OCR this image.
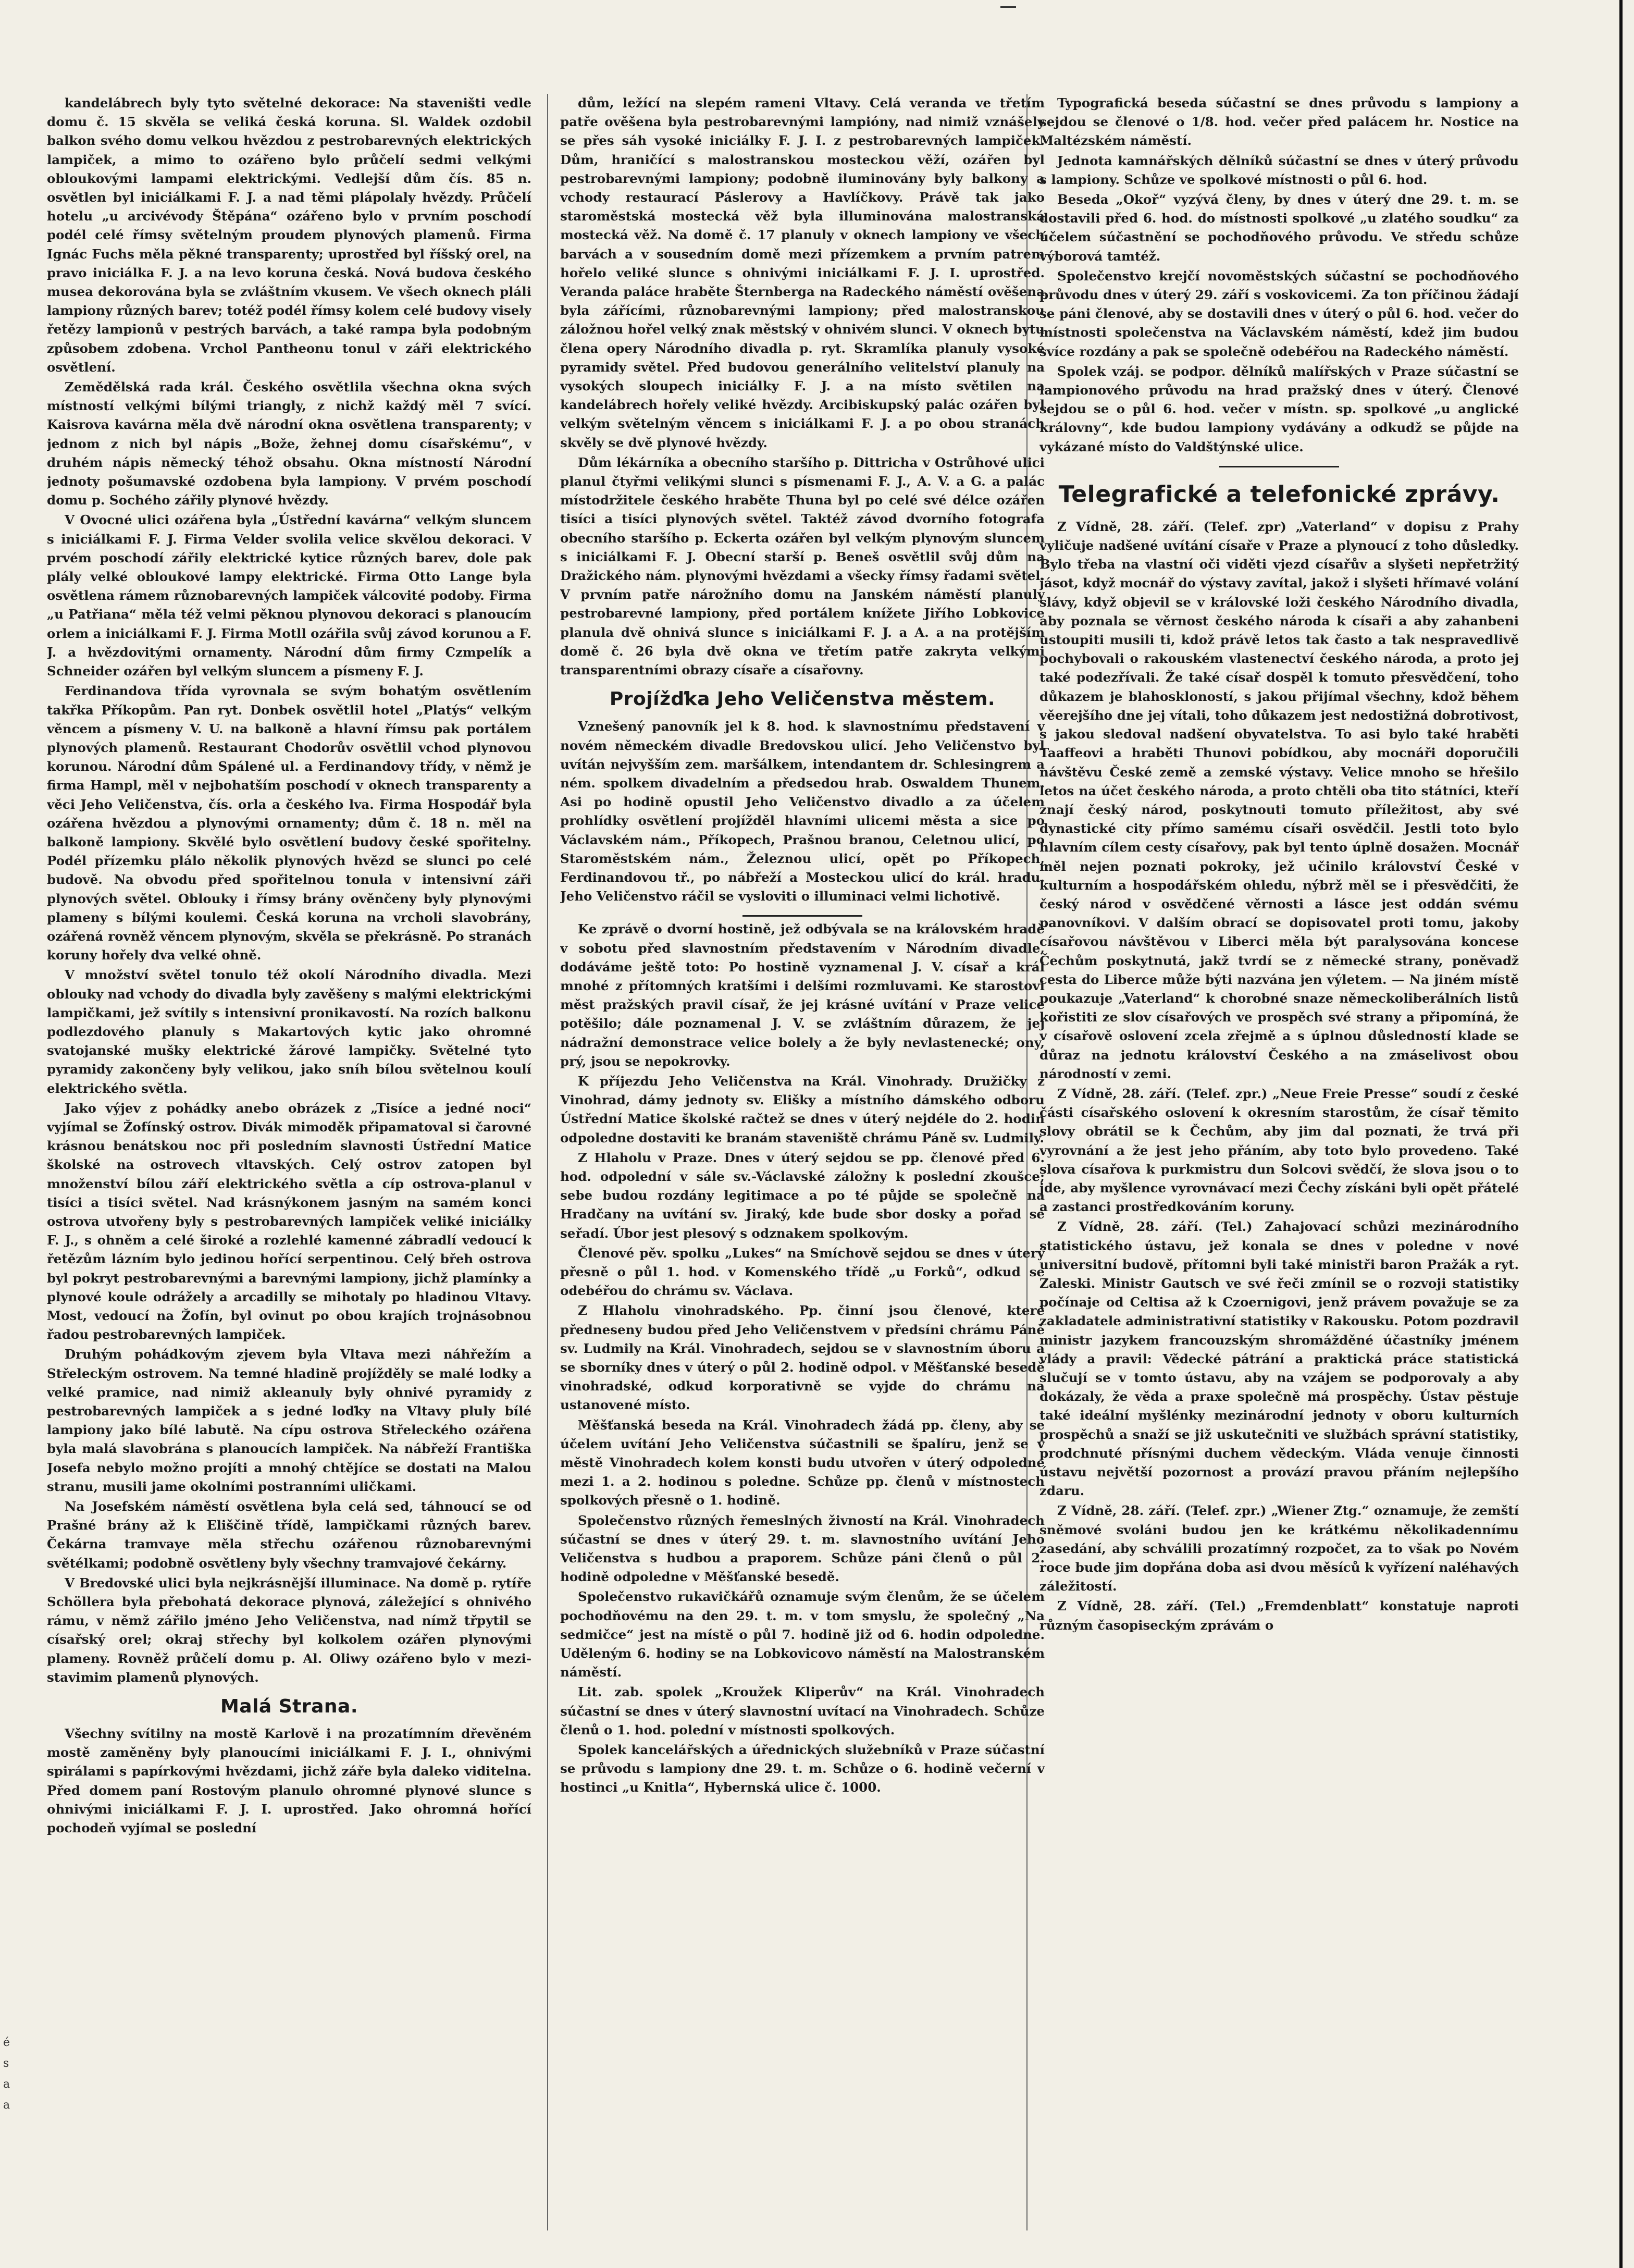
é
s
a
a

kandelábrech byly tyto světelné dekorace: Na staveništi vedle domu č. 15 skvěla se veliká česká koruna. Sl. Waldek ozdobil balkon svého domu velkou hvězdou z pestrobarevných elektrických lampiček, a mimo to ozářeno bylo průčelí sedmi velkými obloukovými lampami elektrickými. Vedlejší dům čís. 85 n. osvětlen byl iniciálkami F. J. a nad těmi plápolaly hvězdy. Průčelí hotelu „u arcivévody Štěpána“ ozářeno bylo v prvním poschodí podél celé římsy světelným proudem plynových plamenů. Firma Ignác Fuchs měla pěkné transparenty; uprostřed byl říšský orel, na pravo iniciálka F. J. a na levo koruna česká. Nová budova českého musea dekorována byla se zvláštním vkusem. Ve všech oknech pláli lampiony různých barev; totéž podél římsy kolem celé budovy visely řetězy lampionů v pestrých barvách, a také rampa byla podobným způsobem zdobena. Vrchol Pantheonu tonul v záři elektrického osvětlení.

Zemědělská rada král. Českého osvětlila všechna okna svých místností velkými bílými triangly, z nichž každý měl 7 svící. Kaisrova kavárna měla dvě národní okna osvětlena transparenty; v jednom z nich byl nápis „Bože, žehnej domu císařskému“, v druhém nápis německý téhož obsahu. Okna místností Národní jednoty pošumavské ozdobena byla lampiony. V prvém poschodí domu p. Sochého zářily plynové hvězdy.

V Ovocné ulici ozářena byla „Ústřední kavárna“ velkým sluncem s iniciálkami F. J. Firma Velder svolila velice skvělou dekoraci. V prvém poschodí zářily elektrické kytice různých barev, dole pak plály velké obloukové lampy elektrické. Firma Otto Lange byla osvětlena rámem různobarevných lampiček válcovité podoby. Firma „u Patřiana“ měla též velmi pěknou plynovou dekoraci s planoucím orlem a iniciálkami F. J. Firma Motll ozářila svůj závod korunou a F. J. a hvězdovitými ornamenty. Národní dům firmy Czmpelík a Schneider ozářen byl velkým sluncem a písmeny F. J.

Ferdinandova třída vyrovnala se svým bohatým osvětlením takřka Příkopům. Pan ryt. Donbek osvětlil hotel „Platýs“ velkým věncem a písmeny V. U. na balkoně a hlavní římsu pak portálem plynových plamenů. Restaurant Chodorův osvětlil vchod plynovou korunou. Národní dům Spálené ul. a Ferdinandovy třídy, v němž je firma Hampl, měl v nejbohatším poschodí v oknech transparenty a věci Jeho Veličenstva, čís. orla a českého lva. Firma Hospodář byla ozářena hvězdou a plynovými ornamenty; dům č. 18 n. měl na balkoně lampiony. Skvělé bylo osvětlení budovy české spořitelny. Podél přízemku plálo několik plynových hvězd se slunci po celé budově. Na obvodu před spořitelnou tonula v intensivní záři plynových světel. Oblouky i římsy brány ověnčeny byly plynovými plameny s bílými koulemi. Česká koruna na vrcholi slavobrány, ozářená rovněž věncem plynovým, skvěla se překrásně. Po stranách koruny hořely dva velké ohně.

V množství světel tonulo též okolí Národního divadla. Mezi oblouky nad vchody do divadla byly zavěšeny s malými elektrickými lampičkami, jež svítily s intensivní pronikavostí. Na rozích balkonu podlezdového planuly s Makartových kytic jako ohromné svatojanské mušky elektrické žárové lampičky. Světelné tyto pyramidy zakončeny byly velikou, jako sníh bílou světelnou koulí elektrického světla.

Jako výjev z pohádky anebo obrázek z „Tisíce a jedné noci“ vyjímal se Žofínský ostrov. Divák mimoděk připamatoval si čarovné krásnou benátskou noc při posledním slavnosti Ústřední Matice školské na ostrovech vltavských. Celý ostrov zatopen byl množenství bílou září elektrického světla a cíp ostrova-planul v tisíci a tisíci světel. Nad krásnýkonem jasným na samém konci ostrova utvořeny byly s pestrobarevných lampiček veliké iniciálky F. J., s ohněm a celé široké a rozlehlé kamenné zábradlí vedoucí k řetězům lázním bylo jedinou hořící serpentinou. Celý břeh ostrova byl pokryt pestrobarevnými a barevnými lampiony, jichž plamínky a plynové koule odrážely a arcadilly se mihotaly po hladinou Vltavy. Most, vedoucí na Žofín, byl ovinut po obou krajích trojnásobnou řadou pestrobarevných lampiček.

Druhým pohádkovým zjevem byla Vltava mezi náhřežím a Střeleckým ostrovem. Na temné hladině projížděly se malé lodky a velké pramice, nad nimiž akleanuly byly ohnivé pyramidy z pestrobarevných lampiček a s jedné loďky na Vltavy pluly bílé lampiony jako bílé labutě. Na cípu ostrova Střeleckého ozářena byla malá slavobrána s planoucích lampiček. Na nábřeží Františka Josefa nebylo možno projíti a mnohý chtějíce se dostati na Malou stranu, musili jame okolními postranními uličkami.

Na Josefském náměstí osvětlena byla celá sed, táhnoucí se od Prašné brány až k Eliščině třídě, lampičkami různých barev. Čekárna tramvaye měla střechu ozářenou různobarevnými světélkami; podobně osvětleny byly všechny tramvajové čekárny.

V Bredovské ulici byla nejkrásnější illuminace. Na domě p. rytíře Schöllera byla přebohatá dekorace plynová, záležející s ohnivého rámu, v němž zářilo jméno Jeho Veličenstva, nad nímž třpytil se císařský orel; okraj střechy byl kolkolem ozářen plynovými plameny. Rovněž průčelí domu p. Al. Oliwy ozářeno bylo v mezi-stavimim plamenů plynových.

Malá Strana.

Všechny svítilny na mostě Karlově i na prozatímním dřevěném mostě zaměněny byly planoucími iniciálkami F. J. I., ohnivými spirálami s papírkovými hvězdami, jichž záře byla daleko viditelna. Před domem paní Rostovým planulo ohromné plynové slunce s ohnivými iniciálkami F. J. I. uprostřed. Jako ohromná hořící pochodeň vyjímal se poslední

dům, ležící na slepém rameni Vltavy. Celá veranda ve třetím patře ověšena byla pestrobarevnými lampióny, nad nimiž vznášely se přes sáh vysoké iniciálky F. J. I. z pestrobarevných lampiček. Dům, hraničící s malostranskou mosteckou věží, ozářen byl pestrobarevnými lampiony; podobně iluminovány byly balkony a vchody restaurací Páslerovy a Havlíčkovy. Právě tak jako staroměstská mostecká věž byla illuminována malostranská mostecká věž. Na domě č. 17 planuly v oknech lampiony ve všech barvách a v sousedním domě mezi přízemkem a prvním patrem hořelo veliké slunce s ohnivými iniciálkami F. J. I. uprostřed. Veranda paláce hraběte Šternberga na Radeckého náměstí ověšena byla zářícími, různobarevnými lampiony; před malostranskou záložnou hořel velký znak městský v ohnivém slunci. V oknech bytu člena opery Národního divadla p. ryt. Skramlíka planuly vysoké pyramidy světel. Před budovou generálního velitelství planuly na vysokých sloupech iniciálky F. J. a na místo světilen na kandelábrech hořely veliké hvězdy. Arcibiskupský palác ozářen byl velkým světelným věncem s iniciálkami F. J. a po obou stranách skvěly se dvě plynové hvězdy.

Dům lékárníka a obecního staršího p. Dittricha v Ostrůhové ulici planul čtyřmi velikými slunci s písmenami F. J., A. V. a G. a palác místodržitele českého hraběte Thuna byl po celé své délce ozářen tisíci a tisíci plynových světel. Taktéž závod dvorního fotografa obecního staršího p. Eckerta ozářen byl velkým plynovým sluncem s iniciálkami F. J. Obecní starší p. Beneš osvětlil svůj dům na Dražického nám. plynovými hvězdami a všecky římsy řadami světel. V prvním patře nárožního domu na Janském náměstí planuly pestrobarevné lampiony, před portálem knížete Jiřího Lobkovice planula dvě ohnivá slunce s iniciálkami F. J. a A. a na protějším domě č. 26 byla dvě okna ve třetím patře zakryta velkými transparentními obrazy císaře a císařovny.

Projížďka Jeho Veličenstva městem.

Vznešený panovník jel k 8. hod. k slavnostnímu představení v novém německém divadle Bredovskou ulicí. Jeho Veličenstvo byl uvítán nejvyšším zem. maršálkem, intendantem dr. Schlesingrem a ném. spolkem divadelním a předsedou hrab. Oswaldem Thunem. Asi po hodině opustil Jeho Veličenstvo divadlo a za účelem prohlídky osvětlení projížděl hlavními ulicemi města a sice po Václavském nám., Příkopech, Prašnou branou, Celetnou ulicí, po Staroměstském nám., Železnou ulicí, opět po Příkopech, Ferdinandovou tř., po nábřeží a Mosteckou ulicí do král. hradu. Jeho Veličenstvo ráčil se vysloviti o illuminaci velmi lichotivě.

Ke zprávě o dvorní hostině, jež odbývala se na královském hradě v sobotu před slavnostním představením v Národním divadle, dodáváme ještě toto: Po hostině vyznamenal J. V. císař a král mnohé z přítomných kratšími i delšími rozmluvami. Ke starostovi měst pražských pravil císař, že jej krásné uvítání v Praze velice potěšilo; dále poznamenal J. V. se zvláštním důrazem, že jej nádražní demonstrace velice bolely a že byly nevlastenecké; ony, prý, jsou se nepokrovky.

K příjezdu Jeho Veličenstva na Král. Vinohrady. Družičky z Vinohrad, dámy jednoty sv. Elišky a místního dámského odboru Ústřední Matice školské račtež se dnes v úterý nejdéle do 2. hodin odpoledne dostaviti ke branám staveniště chrámu Páně sv. Ludmily.

Z Hlaholu v Praze. Dnes v úterý sejdou se pp. členové před 6. hod. odpolední v sále sv.-Václavské záložny k poslední zkoušce; sebe budou rozdány legitimace a po té půjde se společně na Hradčany na uvítání sv. Jiraký, kde bude sbor dosky a pořad se seřadí. Úbor jest plesový s odznakem spolkovým.

Členové pěv. spolku „Lukes“ na Smíchově sejdou se dnes v úterý přesně o půl 1. hod. v Komenského třídě „u Forků“, odkud se odebéřou do chrámu sv. Václava.

Z Hlaholu vinohradského. Pp. činní jsou členové, které předneseny budou před Jeho Veličenstvem v předsíni chrámu Páně sv. Ludmily na Král. Vinohradech, sejdou se v slavnostním úboru a se sborníky dnes v úterý o půl 2. hodině odpol. v Měšťanské besedě vinohradské, odkud korporativně se vyjde do chrámu na ustanovené místo.

Měšťanská beseda na Král. Vinohradech žádá pp. členy, aby se účelem uvítání Jeho Veličenstva súčastnili se špalíru, jenž se v městě Vinohradech kolem konsti budu utvořen v úterý odpoledne mezi 1. a 2. hodinou s poledne. Schůze pp. členů v místnostech spolkových přesně o 1. hodině.

Společenstvo různých řemeslných živností na Král. Vinohradech súčastní se dnes v úterý 29. t. m. slavnostního uvítání Jeho Veličenstva s hudbou a praporem. Schůze páni členů o půl 2. hodině odpoledne v Měšťanské besedě.

Společenstvo rukavičkářů oznamuje svým členům, že se účelem pochodňovému na den 29. t. m. v tom smyslu, že společný „Na sedmičce“ jest na místě o půl 7. hodině již od 6. hodin odpoledne. Uděleným 6. hodiny se na Lobkovicovo náměstí na Malostranském náměstí.

Lit. zab. spolek „Kroužek Kliperův“ na Král. Vinohradech súčastní se dnes v úterý slavnostní uvítací na Vinohradech. Schůze členů o 1. hod. polední v místnosti spolkových.

Spolek kancelářských a úřednických služebníků v Praze súčastní se průvodu s lampiony dne 29. t. m. Schůze o 6. hodině večerní v hostinci „u Knitla“, Hybernská ulice č. 1000.

Typografická beseda súčastní se dnes průvodu s lampiony a sejdou se členové o 1/8. hod. večer před palácem hr. Nostice na Maltézském náměstí.

Jednota kamnářských dělníků súčastní se dnes v úterý průvodu s lampiony. Schůze ve spolkové místnosti o půl 6. hod.

Beseda „Okoř“ vyzývá členy, by dnes v úterý dne 29. t. m. se dostavili před 6. hod. do místnosti spolkové „u zlatého soudku“ za účelem súčastnění se pochodňového průvodu. Ve středu schůze výborová tamtéž.

Společenstvo krejčí novoměstských súčastní se pochodňového průvodu dnes v úterý 29. září s voskovicemi. Za ton příčinou žádají se páni členové, aby se dostavili dnes v úterý o půl 6. hod. večer do místnosti společenstva na Václavském náměstí, kdež jim budou svíce rozdány a pak se společně odebéřou na Radeckého náměstí.

Spolek vzáj. se podpor. dělníků malířských v Praze súčastní se lampionového průvodu na hrad pražský dnes v úterý. Členové sejdou se o půl 6. hod. večer v místn. sp. spolkové „u anglické královny“, kde budou lampiony vydávány a odkudž se půjde na vykázané místo do Valdštýnské ulice.

Telegrafické a telefonické zprávy.

Z Vídně, 28. září. (Telef. zpr) „Vaterland“ v dopisu z Prahy vyličuje nadšené uvítání císaře v Praze a plynoucí z toho důsledky. Bylo třeba na vlastní oči viděti vjezd císařův a slyšeti nepřetržitý jásot, když mocnář do výstavy zavítal, jakož i slyšeti hřímavé volání slávy, když objevil se v královské loži českého Národního divadla, aby poznala se věrnost českého národa k císaři a aby zahanbeni ustoupiti musili ti, kdož právě letos tak často a tak nespravedlivě pochybovali o rakouském vlastenectví českého národa, a proto jej také podezřívali. Že také císař dospěl k tomuto přesvědčení, toho důkazem je blahoskloností, s jakou přijímal všechny, kdož během věerejšího dne jej vítali, toho důkazem jest nedostižná dobrotivost, s jakou sledoval nadšení obyvatelstva. To asi bylo také hraběti Taaffeovi a hraběti Thunovi pobídkou, aby mocnáři doporučili návštěvu České země a zemské výstavy. Velice mnoho se hřešilo letos na účet českého národa, a proto chtěli oba tito státníci, kteří znají český národ, poskytnouti tomuto příležitost, aby své dynastické city přímo samému císaři osvědčil. Jestli toto bylo hlavním cílem cesty císařovy, pak byl tento úplně dosažen. Mocnář měl nejen poznati pokroky, jež učinilo království České v kulturním a hospodářském ohledu, nýbrž měl se i přesvědčiti, že český národ v osvědčené věrnosti a lásce jest oddán svému panovníkovi. V dalším obrací se dopisovatel proti tomu, jakoby císařovou návštěvou v Liberci měla být paralysována koncese Čechům poskytnutá, jakž tvrdí se z německé strany, poněvadž cesta do Liberce může býti nazvána jen výletem. — Na jiném místě poukazuje „Vaterland“ k chorobné snaze německoliberálních listů kořistiti ze slov císařových ve prospěch své strany a připomíná, že v císařově oslovení zcela zřejmě a s úplnou důsledností klade se důraz na jednotu království Českého a na zmáselivost obou národností v zemi.

Z Vídně, 28. září. (Telef. zpr.) „Neue Freie Presse“ soudí z české části císařského oslovení k okresním starostům, že císař těmito slovy obrátil se k Čechům, aby jim dal poznati, že trvá při vyrovnání a že jest jeho přáním, aby toto bylo provedeno. Také slova císařova k purkmistru dun Solcovi svědčí, že slova jsou o to jde, aby myšlence vyrovnávací mezi Čechy získáni byli opět přátelé a zastanci prostředkováním koruny.

Z Vídně, 28. září. (Tel.) Zahajovací schůzi mezinárodního statistického ústavu, jež konala se dnes v poledne v nové universitní budově, přítomni byli také ministři baron Pražák a ryt. Zaleski. Ministr Gautsch ve své řeči zmínil se o rozvoji statistiky počínaje od Celtisa až k Czoernigovi, jenž právem považuje se za zakladatele administrativní statistiky v Rakousku. Potom pozdravil ministr jazykem francouzským shromážděné účastníky jménem vlády a pravil: Vědecké pátrání a praktická práce statistická slučují se v tomto ústavu, aby na vzájem se podporovaly a aby dokázaly, že věda a praxe společně má prospěchy. Ústav pěstuje také ideální myšlénky mezinárodní jednoty v oboru kulturních prospěchů a snaží se již uskutečniti ve službách správní statistiky, prodchnuté přísnými duchem vědeckým. Vláda venuje činnosti ústavu největší pozornost a provází pravou přáním nejlepšího zdaru.

Z Vídně, 28. září. (Telef. zpr.) „Wiener Ztg.“ oznamuje, že zemští sněmové svoláni budou jen ke krátkému několikadennímu zasedání, aby schválili prozatímný rozpočet, za to však po Novém roce bude jim dopřána doba asi dvou měsíců k vyřízení naléhavých záležitostí.

Z Vídně, 28. září. (Tel.) „Fremdenblatt“ konstatuje naproti různým časopiseckým zprávám o
